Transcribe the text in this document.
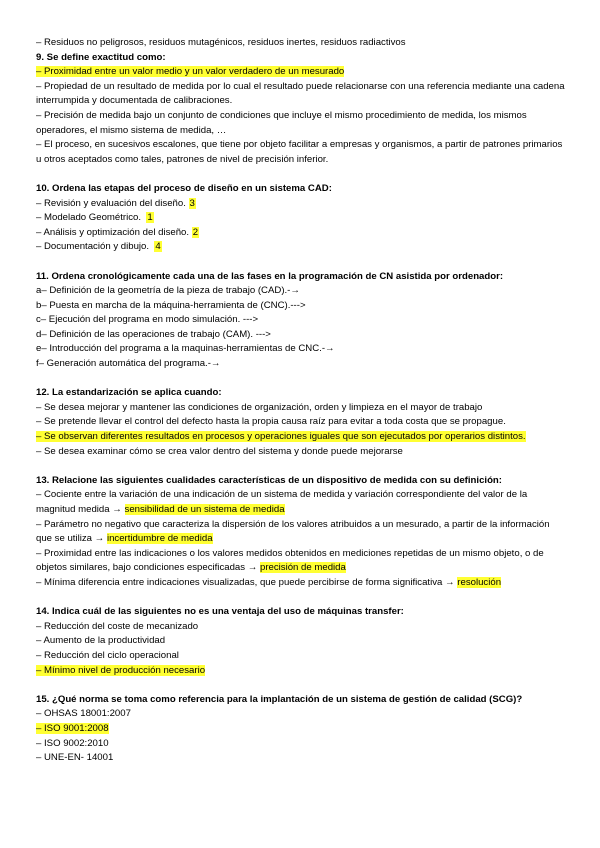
– Residuos no peligrosos, residuos mutagénicos, residuos inertes, residuos radiactivos
9. Se define exactitud como:
– Proximidad entre un valor medio y un valor verdadero de un mesurado
– Propiedad de un resultado de medida por lo cual el resultado puede relacionarse con una referencia mediante una cadena interrumpida y documentada de calibraciones.
– Precisión de medida bajo un conjunto de condiciones que incluye el mismo procedimiento de medida, los mismos operadores, el mismo sistema de medida, …
– El proceso, en sucesivos escalones, que tiene por objeto facilitar a empresas y organismos, a partir de patrones primarios u otros aceptados como tales, patrones de nivel de precisión inferior.
10. Ordena las etapas del proceso de diseño en un sistema CAD:
– Revisión y evaluación del diseño. 3
– Modelado Geométrico. 1
– Análisis y optimización del diseño. 2
– Documentación y dibujo. 4
11. Ordena cronológicamente cada una de las fases en la programación de CN asistida por ordenador:
a– Definición de la geometría de la pieza de trabajo (CAD).-→
b– Puesta en marcha de la máquina-herramienta de (CNC).--->
c– Ejecución del programa en modo simulación. --->
d– Definición de las operaciones de trabajo (CAM). --->
e– Introducción del programa a la maquinas-herramientas de CNC.-→
f– Generación automática del programa.-→
12. La estandarización se aplica cuando:
– Se desea mejorar y mantener las condiciones de organización, orden y limpieza en el mayor de trabajo
– Se pretende llevar el control del defecto hasta la propia causa raíz para evitar a toda costa que se propague.
– Se observan diferentes resultados en procesos y operaciones iguales que son ejecutados por operarios distintos.
– Se desea examinar cómo se crea valor dentro del sistema y donde puede mejorarse
13. Relacione las siguientes cualidades características de un dispositivo de medida con su definición:
– Cociente entre la variación de una indicación de un sistema de medida y variación correspondiente del valor de la magnitud medida → sensibilidad de un sistema de medida
– Parámetro no negativo que caracteriza la dispersión de los valores atribuidos a un mesurado, a partir de la información que se utiliza → incertidumbre de medida
– Proximidad entre las indicaciones o los valores medidos obtenidos en mediciones repetidas de un mismo objeto, o de objetos similares, bajo condiciones especificadas → precisión de medida
– Mínima diferencia entre indicaciones visualizadas, que puede percibirse de forma significativa → resolución
14. Indica cuál de las siguientes no es una ventaja del uso de máquinas transfer:
– Reducción del coste de mecanizado
– Aumento de la productividad
– Reducción del ciclo operacional
– Mínimo nivel de producción necesario
15. ¿Qué norma se toma como referencia para la implantación de un sistema de gestión de calidad (SCG)?
– OHSAS 18001:2007
– ISO 9001:2008
– ISO 9002:2010
– UNE-EN- 14001
